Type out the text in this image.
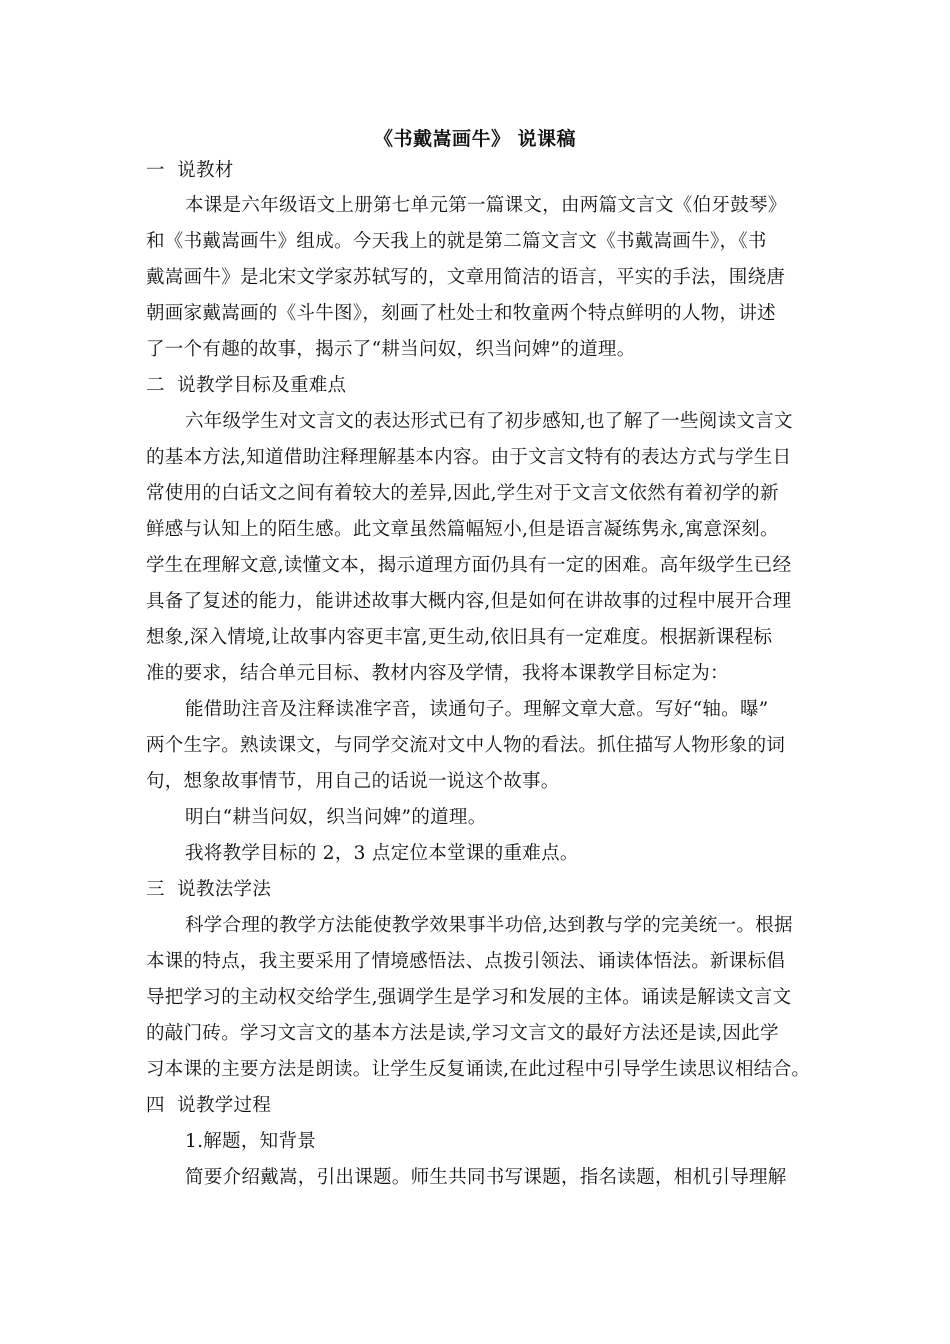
《书戴嵩画牛》 说课稿
一  说教材
本课是六年级语文上册第七单元第一篇课文，由两篇文言文《伯牙鼓琴》
和《书戴嵩画牛》组成。今天我上的就是第二篇文言文《书戴嵩画牛》，《书
戴嵩画牛》是北宋文学家苏轼写的，文章用简洁的语言，平实的手法，围绕唐
朝画家戴嵩画的《斗牛图》，刻画了杜处士和牧童两个特点鲜明的人物，讲述
了一个有趣的故事，揭示了“耕当问奴，织当问婢”的道理。
二  说教学目标及重难点
六年级学生对文言文的表达形式已有了初步感知,也了解了一些阅读文言文
的基本方法,知道借助注释理解基本内容。由于文言文特有的表达方式与学生日
常使用的白话文之间有着较大的差异,因此,学生对于文言文依然有着初学的新
鲜感与认知上的陌生感。此文章虽然篇幅短小,但是语言凝练隽永,寓意深刻。
学生在理解文意,读懂文本，揭示道理方面仍具有一定的困难。高年级学生已经
具备了复述的能力，能讲述故事大概内容,但是如何在讲故事的过程中展开合理
想象,深入情境,让故事内容更丰富,更生动,依旧具有一定难度。根据新课程标
准的要求，结合单元目标、教材内容及学情，我将本课教学目标定为：
能借助注音及注释读准字音，读通句子。理解文章大意。写好“轴。曝”
两个生字。熟读课文，与同学交流对文中人物的看法。抓住描写人物形象的词
句，想象故事情节，用自己的话说一说这个故事。
明白“耕当问奴，织当问婢”的道理。
我将教学目标的 2，3 点定位本堂课的重难点。
三  说教法学法
科学合理的教学方法能使教学效果事半功倍,达到教与学的完美统一。根据
本课的特点，我主要采用了情境感悟法、点拨引领法、诵读体悟法。新课标倡
导把学习的主动权交给学生,强调学生是学习和发展的主体。诵读是解读文言文
的敲门砖。学习文言文的基本方法是读,学习文言文的最好方法还是读,因此学
习本课的主要方法是朗读。让学生反复诵读,在此过程中引导学生读思议相结合。
四  说教学过程
1.解题，知背景
简要介绍戴嵩，引出课题。师生共同书写课题，指名读题，相机引导理解
